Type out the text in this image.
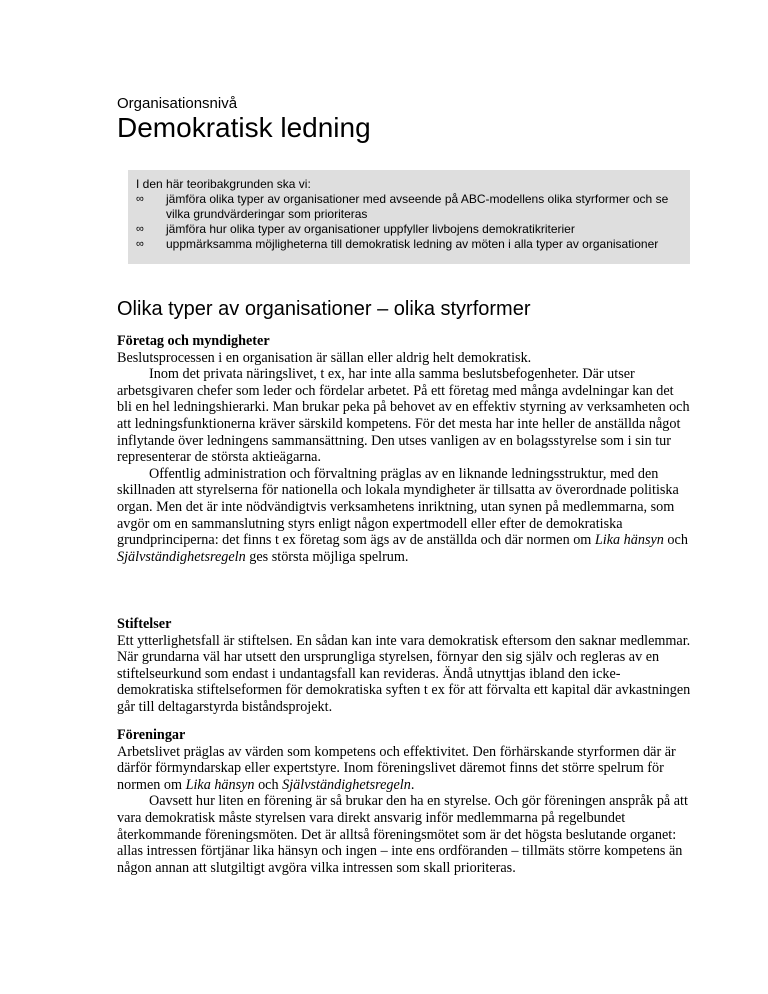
Organisationsnivå
Demokratisk ledning
Olika typer av organisationer – olika styrformer
Företag och myndigheter

Beslutsprocessen i en organisation är sällan eller aldrig helt demokratisk.

Inom det privata näringslivet, t ex, har inte alla samma beslutsbefogenheter. Där utser arbetsgivaren chefer som leder och fördelar arbetet. På ett företag med många avdelningar kan det bli en hel ledningshierarki. Man brukar peka på behovet av en effektiv styrning av verksamheten och att ledningsfunktionerna kräver särskild kompetens. För det mesta har inte heller de anställda något inflytande över ledningens sammansättning. Den utses vanligen av en bolagsstyrelse som i sin tur representerar de största aktieägarna.

Offentlig administration och förvaltning präglas av en liknande ledningsstruktur, med den skillnaden att styrelserna för nationella och lokala myndigheter är tillsatta av överordnade politiska organ. Men det är inte nödvändigtvis verksamhetens inriktning, utan synen på medlemmarna, som avgör om en sammanslutning styrs enligt någon expertmodell eller efter de demokratiska grundprinciperna: det finns t ex företag som ägs av de anställda och där normen om Lika hänsyn och Självständighetsregeln ges största möjliga spelrum.

Stiftelser

Ett ytterlighetsfall är stiftelsen. En sådan kan inte vara demokratisk eftersom den saknar medlemmar. När grundarna väl har utsett den ursprungliga styrelsen, förnyar den sig själv och regleras av en stiftelseurkund som endast i undantagsfall kan revideras. Ändå utnyttjas ibland den icke-demokratiska stiftelseformen för demokratiska syften t ex för att förvalta ett kapital där avkastningen går till deltagarstyrda biståndsprojekt.

Föreningar

Arbetslivet präglas av värden som kompetens och effektivitet. Den förhärskande styrformen där är därför förmyndarskap eller expertstyre. Inom föreningslivet däremot finns det större spelrum för normen om Lika hänsyn och Självständighetsregeln.

Oavsett hur liten en förening är så brukar den ha en styrelse. Och gör föreningen anspråk på att vara demokratisk måste styrelsen vara direkt ansvarig inför medlemmarna på regelbundet återkommande föreningsmöten. Det är alltså föreningsmötet som är det högsta beslutande organet: allas intressen förtjänar lika hänsyn och ingen – inte ens ordföranden – tillmäts större kompetens än någon annan att slutgiltigt avgöra vilka intressen som skall prioriteras.

I den här teoribakgrunden ska vi:
∞ jämföra olika typer av organisationer med avseende på ABC-modellens olika styrformer och se vilka grundvärderingar som prioriteras
∞ jämföra hur olika typer av organisationer uppfyller livbojens demokratikriterier
∞ uppmärksamma möjligheterna till demokratisk ledning av möten i alla typer av organisationer
